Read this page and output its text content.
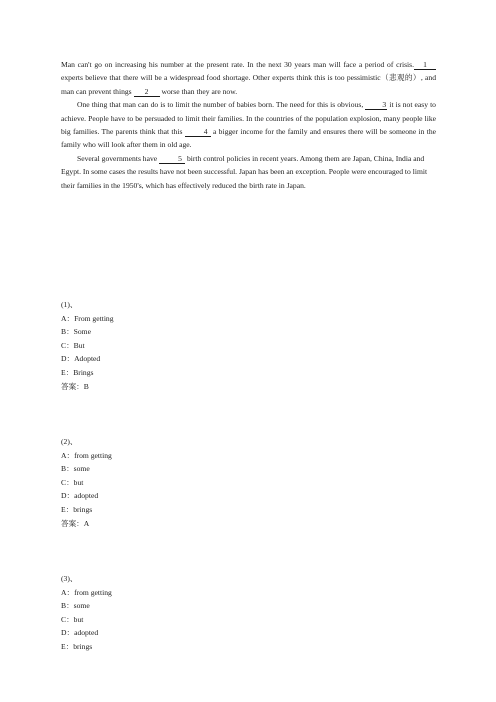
Man can't go on increasing his number at the present rate. In the next 30 years man will face a period of crisis. 1 experts believe that there will be a widespread food shortage. Other experts think this is too pessimistic（悲观的）, and man can prevent things 2 worse than they are now.

One thing that man can do is to limit the number of babies born. The need for this is obvious,	3 it is not easy to achieve. People have to be persuaded to limit their families. In the countries of the population explosion, many people like big families. The parents think that this	4 a bigger income for the family and ensures there will be someone in the family who will look after them in old age.

Several governments have	5 birth control policies in recent years. Among them are Japan, China, India and Egypt. In some cases the results have not been successful. Japan has been an exception. People were encouraged to limit their families in the 1950's, which has effectively reduced the birth rate in Japan.

(1)、
A：From getting
B：Some
C：But
D：Adopted
E：Brings
答案：B
(2)、
A：from getting
B：some
C：but
D：adopted
E：brings
答案：A
(3)、
A：from getting
B：some
C：but
D：adopted
E：brings
